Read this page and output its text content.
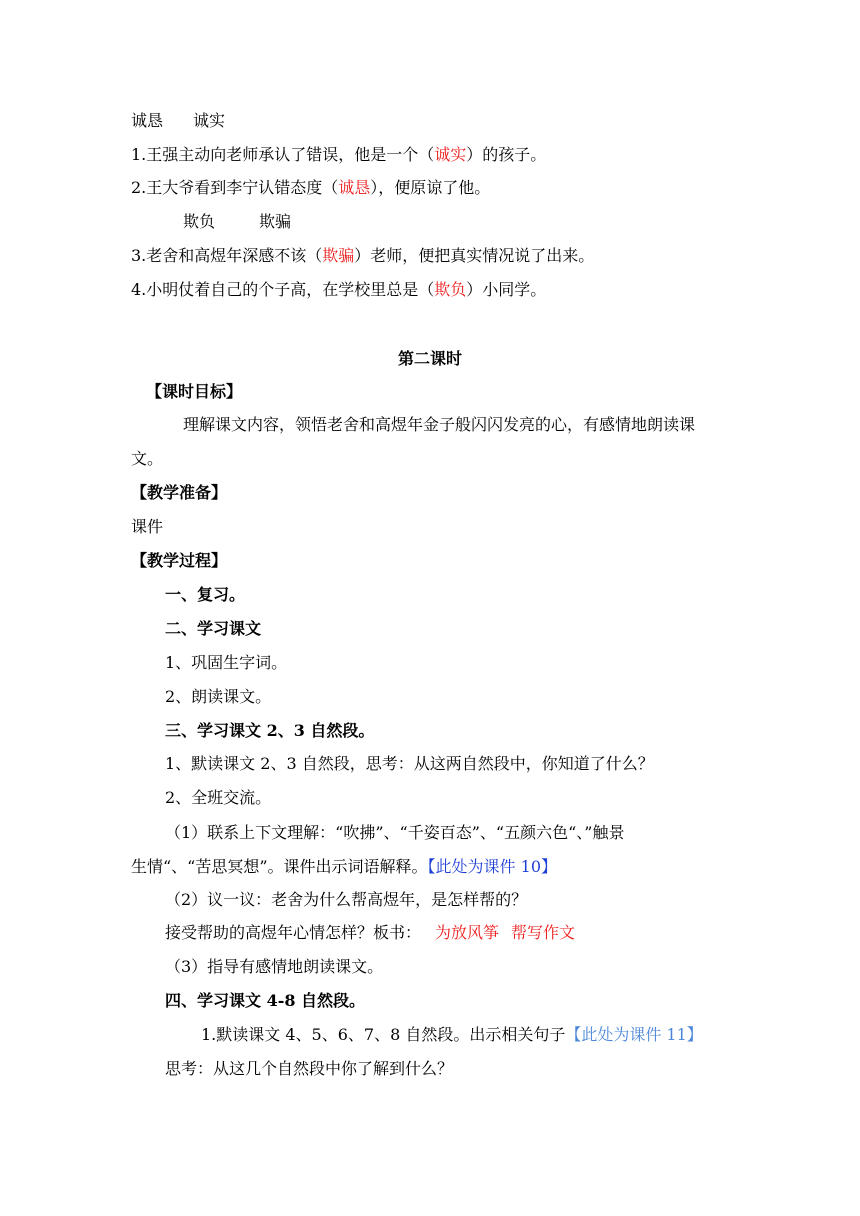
诚恳 诚实
1.王强主动向老师承认了错误，他是一个（诚实）的孩子。
2.王大爷看到李宁认错态度（诚恳），便原谅了他。
欺负	欺骗
3.老舍和高煜年深感不该（欺骗）老师，便把真实情况说了出来。
4.小明仗着自己的个子高，在学校里总是（欺负）小同学。
第二课时
【课时目标】
理解课文内容，领悟老舍和高煜年金子般闪闪发亮的心，有感情地朗读课
文。
【教学准备】
课件
【教学过程】
一、复习。
二、学习课文
1、巩固生字词。
2、朗读课文。
三、学习课文 2、3 自然段。
1、默读课文 2、3 自然段，思考：从这两自然段中，你知道了什么？
2、全班交流。
（1）联系上下文理解：“吹拂”、“千姿百态”、“五颜六色“、”触景
生情“、“苦思冥想”。课件出示词语解释。【此处为课件 10】
（2）议一议：老舍为什么帮高煜年，是怎样帮的？
接受帮助的高煜年心情怎样？板书： 为放风筝 帮写作文
（3）指导有感情地朗读课文。
四、学习课文 4-8 自然段。
1.默读课文 4、5、6、7、8 自然段。出示相关句子【此处为课件 11】
思考：从这几个自然段中你了解到什么？
